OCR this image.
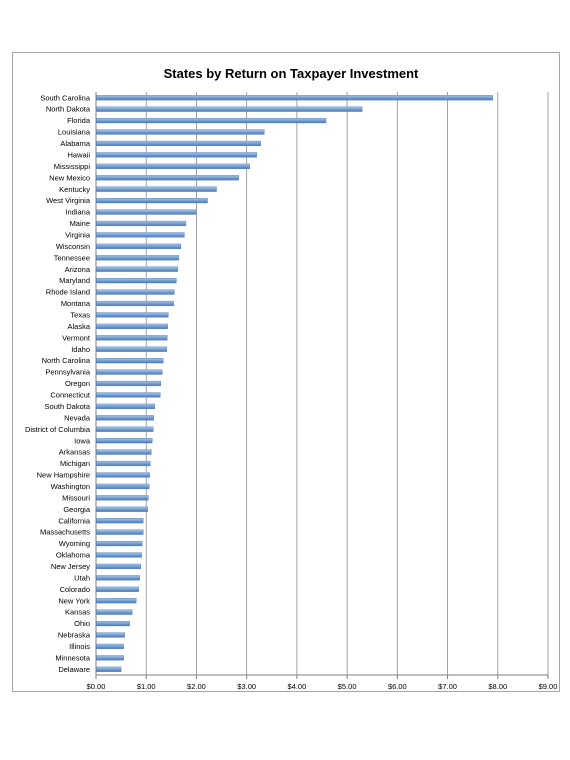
States by Return on Taxpayer Investment
South Carolina
North Dakota
Florida
Louisiana
Alabama
Hawaii
Mississippi
New Mexico
Kentucky
West Virginia
Indiana
Maine
Virginia
Wisconsin
Tennessee
Arizona
Maryland
Rhode Island
Montana
Texas
Alaska
Vermont
Idaho
North Carolina
Pennsylvania
Oregon
Connecticut
South Dakota
Nevada
District of Columbia
Iowa
Arkansas
Michigan
New Hampshire
Washington
Missouri
Georgia
California
Massachusetts
Wyoming
Oklahoma
New Jersey
Utah
Colorado
New York
Kansas
Ohio
Nebraska
Illinois
Minnesota
Delaware
$0.00	$1.00	$2.00	$3.00	$4.00	$5.00	$6.00	$7.00	$8.00	$9.00
